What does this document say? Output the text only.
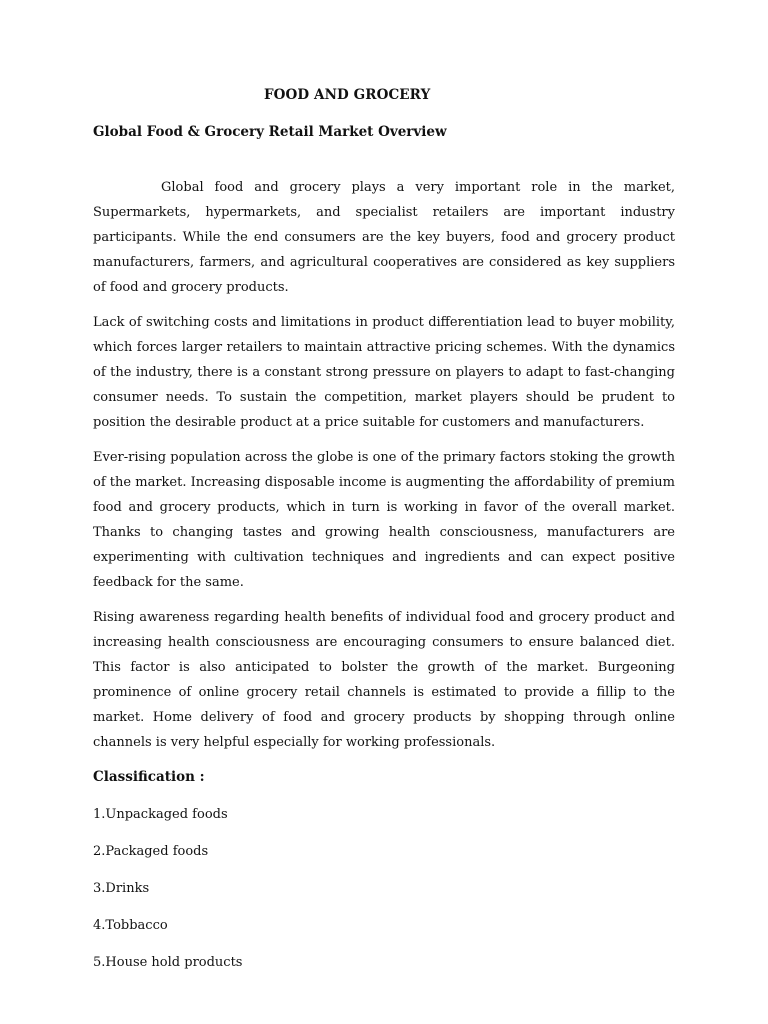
FOOD AND GROCERY
Global Food & Grocery Retail Market Overview

Global food and grocery plays a very important role in the market, Supermarkets, hypermarkets, and specialist retailers are important industry participants. While the end consumers are the key buyers, food and grocery product manufacturers, farmers, and agricultural cooperatives are considered as key suppliers of food and grocery products.

Lack of switching costs and limitations in product differentiation lead to buyer mobility, which forces larger retailers to maintain attractive pricing schemes. With the dynamics of the industry, there is a constant strong pressure on players to adapt to fast-changing consumer needs. To sustain the competition, market players should be prudent to position the desirable product at a price suitable for customers and manufacturers.

Ever-rising population across the globe is one of the primary factors stoking the growth of the market. Increasing disposable income is augmenting the affordability of premium food and grocery products, which in turn is working in favor of the overall market. Thanks to changing tastes and growing health consciousness, manufacturers are experimenting with cultivation techniques and ingredients and can expect positive feedback for the same.

Rising awareness regarding health benefits of individual food and grocery product and increasing health consciousness are encouraging consumers to ensure balanced diet. This factor is also anticipated to bolster the growth of the market. Burgeoning prominence of online grocery retail channels is estimated to provide a fillip to the market. Home delivery of food and grocery products by shopping through online channels is very helpful especially for working professionals.

Classification :
1.Unpackaged foods
2.Packaged foods
3.Drinks
4.Tobbacco
5.House hold products
